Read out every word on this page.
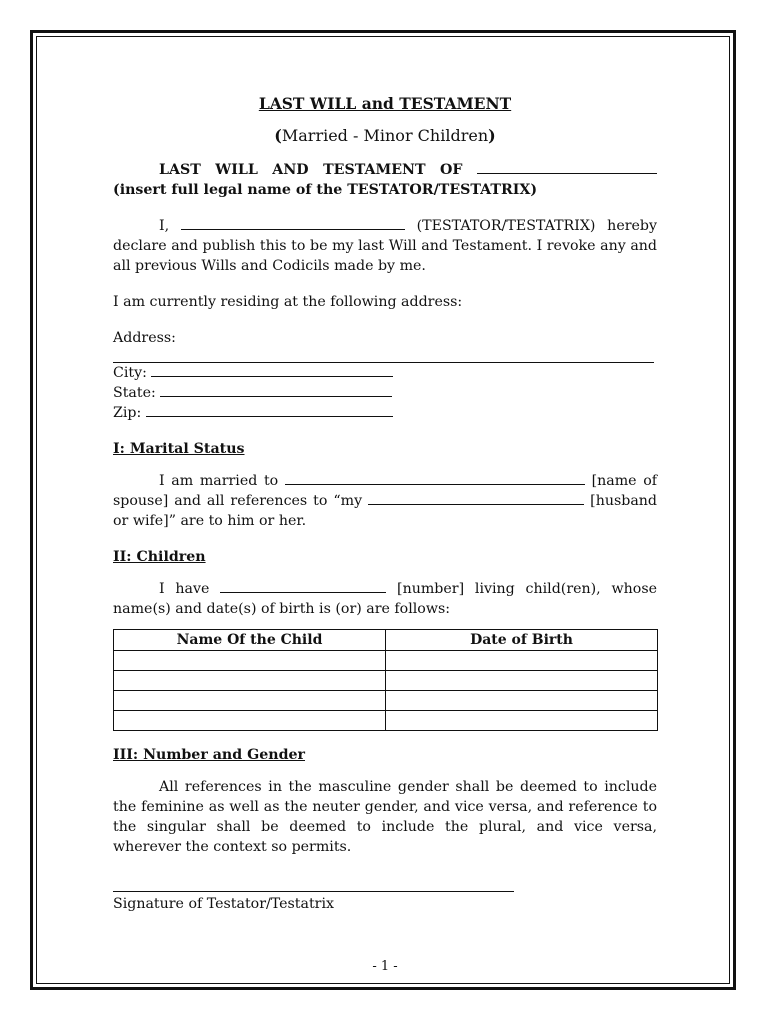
LAST WILL and TESTAMENT
(Married - Minor Children)

LAST WILL AND TESTAMENT OF  (insert full legal name of the TESTATOR/TESTATRIX)

I,	(TESTATOR/TESTATRIX) hereby declare and publish this to be my last Will and Testament. I revoke any and all previous Wills and Codicils made by me.

I am currently residing at the following address:

Address:

City:
State:
Zip:

I: Marital Status

I am married to	[name of spouse] and all references to “my	[husband or wife]” are to him or her.

II: Children

I have	[number] living child(ren), whose name(s) and date(s) of birth is (or) are follows:

Name Of the Child	Date of Birth

III: Number and Gender

All references in the masculine gender shall be deemed to include the feminine as well as the neuter gender, and vice versa, and reference to the singular shall be deemed to include the plural, and vice versa, wherever the context so permits.

Signature of Testator/Testatrix

- 1 -
